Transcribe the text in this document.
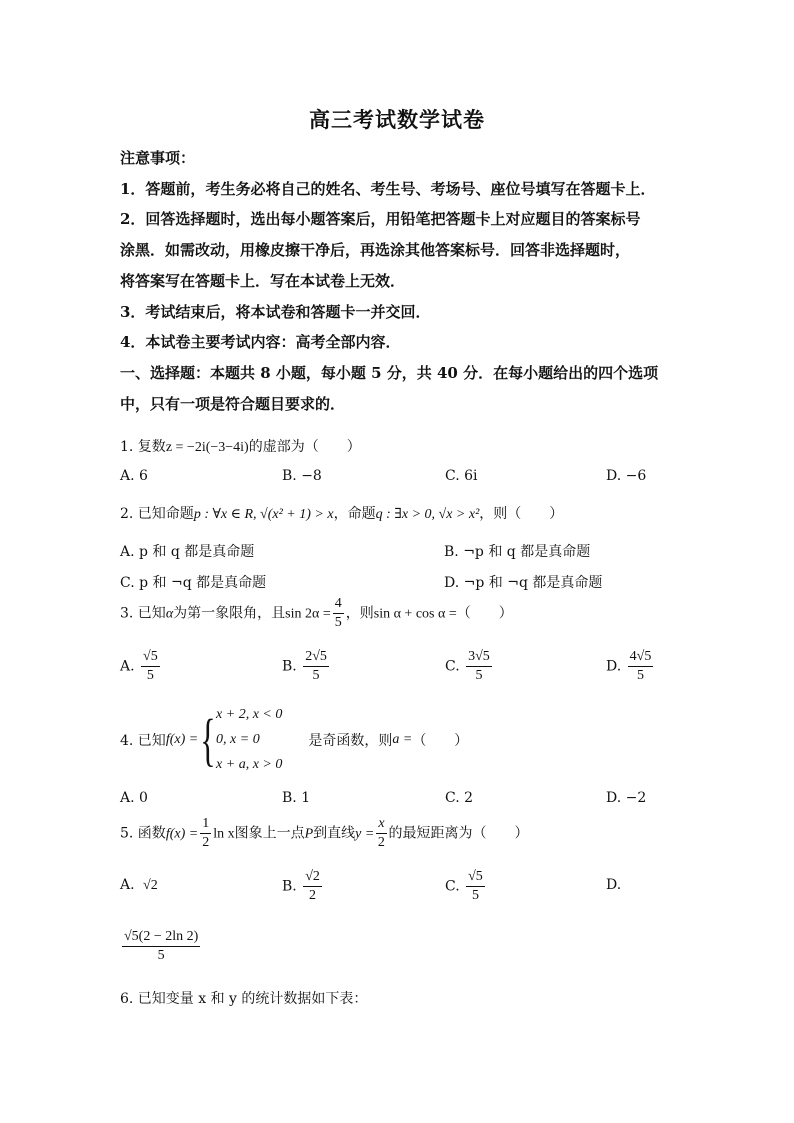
高三考试数学试卷
注意事项：
1．答题前，考生务必将自己的姓名、考生号、考场号、座位号填写在答题卡上．
2．回答选择题时，选出每小题答案后，用铅笔把答题卡上对应题目的答案标号
涂黑．如需改动，用橡皮擦干净后，再选涂其他答案标号．回答非选择题时，
将答案写在答题卡上．写在本试卷上无效．
3．考试结束后，将本试卷和答题卡一并交回．
4．本试卷主要考试内容：高考全部内容．
一、选择题：本题共 8 小题，每小题 5 分，共 40 分．在每小题给出的四个选项
中，只有一项是符合题目要求的．
1. 复数z = −2i(−3−4i)的虚部为（　　）
A. 6	B. −8	C. 6i	D. −6
2. 已知命题p : ∀x ∈ R, √(x² + 1) > x，命题q : ∃x > 0, √x > x²，则（　　）
A. p 和 q 都是真命题	B. ¬p 和 q 都是真命题
C. p 和 ¬q 都是真命题	D. ¬p 和 ¬q 都是真命题
3. 已知α为第一象限角，且$\sin 2\alpha = \frac{4}{5}$ ，则sin α + cos α =（　　）
A. $\frac{√5}{5}$	B. $\frac{2√5}{5}$	C. $\frac{3√5}{5}$	D. $\frac{4√5}{5}$
4. 已知 f(x) = { x + 2, x < 0
0, x = 0
x + a, x > 0
是奇函数，则 a = （　　）
A. 0	B. 1	C. 2	D. −2
5. 函数$f(x) = \frac{1}{2}$ ln x图象上一点P到直线$y = \frac{x}{2}$ 的最短距离为（　　）
A. √2	B. $\frac{√2}{2}$	C. $\frac{√5}{5}$	D.
$\frac{√5(2 - 2\ln 2)}{5}$
6. 已知变量 x 和 y 的统计数据如下表：
